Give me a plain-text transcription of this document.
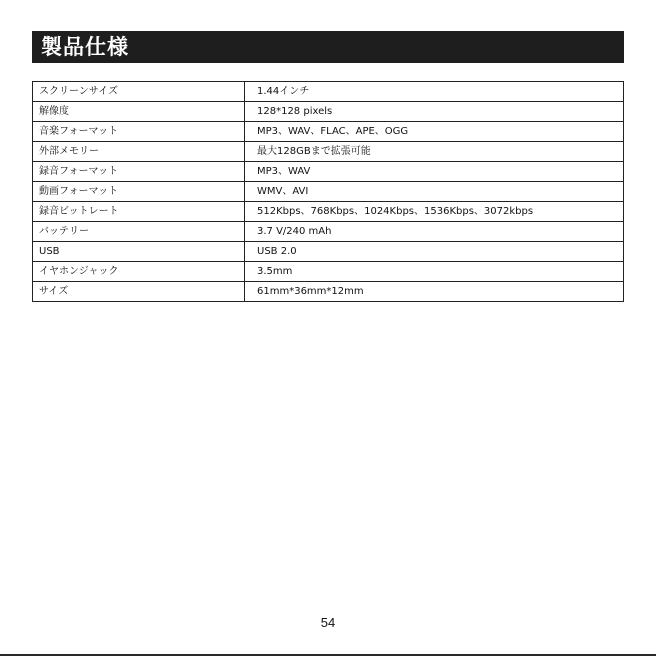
製品仕様
スクリーンサイズ	1.44インチ
解像度	128*128 pixels
音楽フォーマット	MP3、WAV、FLAC、APE、OGG
外部メモリー	最大128GBまで拡張可能
録音フォーマット	MP3、WAV
動画フォーマット	WMV、AVI
録音ビットレート	512Kbps、768Kbps、1024Kbps、1536Kbps、3072kbps
バッテリー	3.7 V/240 mAh
USB	USB 2.0
イヤホンジャック	3.5mm
サイズ	61mm*36mm*12mm
54
